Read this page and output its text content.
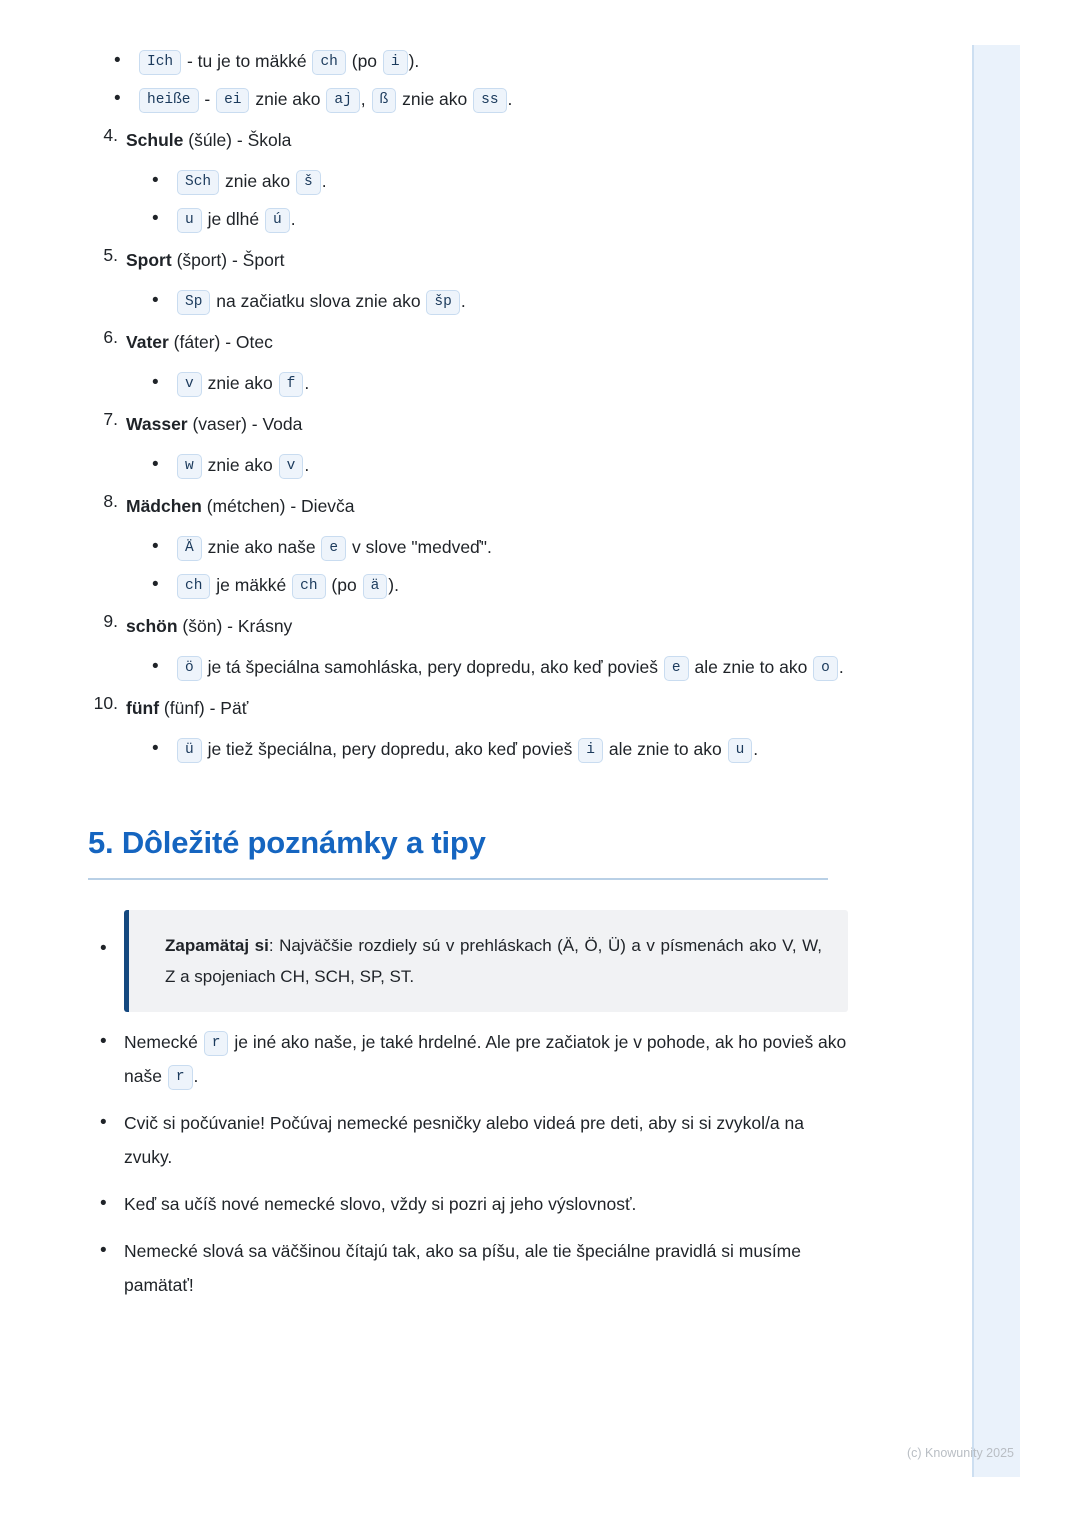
• Ich - tu je to mäkké ch (po i ).
• heiße - ei znie ako aj , ß znie ako ss .
4. Schule (šúle) - Škola
• Sch znie ako š .
• u je dlhé ú .
5. Sport (šport) - Šport
• Sp na začiatku slova znie ako šp .
6. Vater (fáter) - Otec
• v znie ako f .
7. Wasser (vaser) - Voda
• w znie ako v .
8. Mädchen (métchen) - Dievča
• Ä znie ako naše e v slove "medveď".
• ch je mäkké ch (po ä ).
9. schön (šön) - Krásny
• ö je tá špeciálna samohláska, pery dopredu, ako keď povieš e ale znie to ako o .
10. fünf (fünf) - Päť
• ü je tiež špeciálna, pery dopredu, ako keď povieš i ale znie to ako u .
5. Dôležité poznámky a tipy
• Zapamätaj si: Najväčšie rozdiely sú v prehláskach (Ä, Ö, Ü) a v písmenách ako V, W, Z a spojeniach CH, SCH, SP, ST.
• Nemecké r je iné ako naše, je také hrdelné. Ale pre začiatok je v pohode, ak ho povieš ako naše r .
• Cvič si počúvanie! Počúvaj nemecké pesničky alebo videá pre deti, aby si si zvykol/a na zvuky.
• Keď sa učíš nové nemecké slovo, vždy si pozri aj jeho výslovnosť.
• Nemecké slová sa väčšinou čítajú tak, ako sa píšu, ale tie špeciálne pravidlá si musíme pamätať!
(c) Knowunity 2025
